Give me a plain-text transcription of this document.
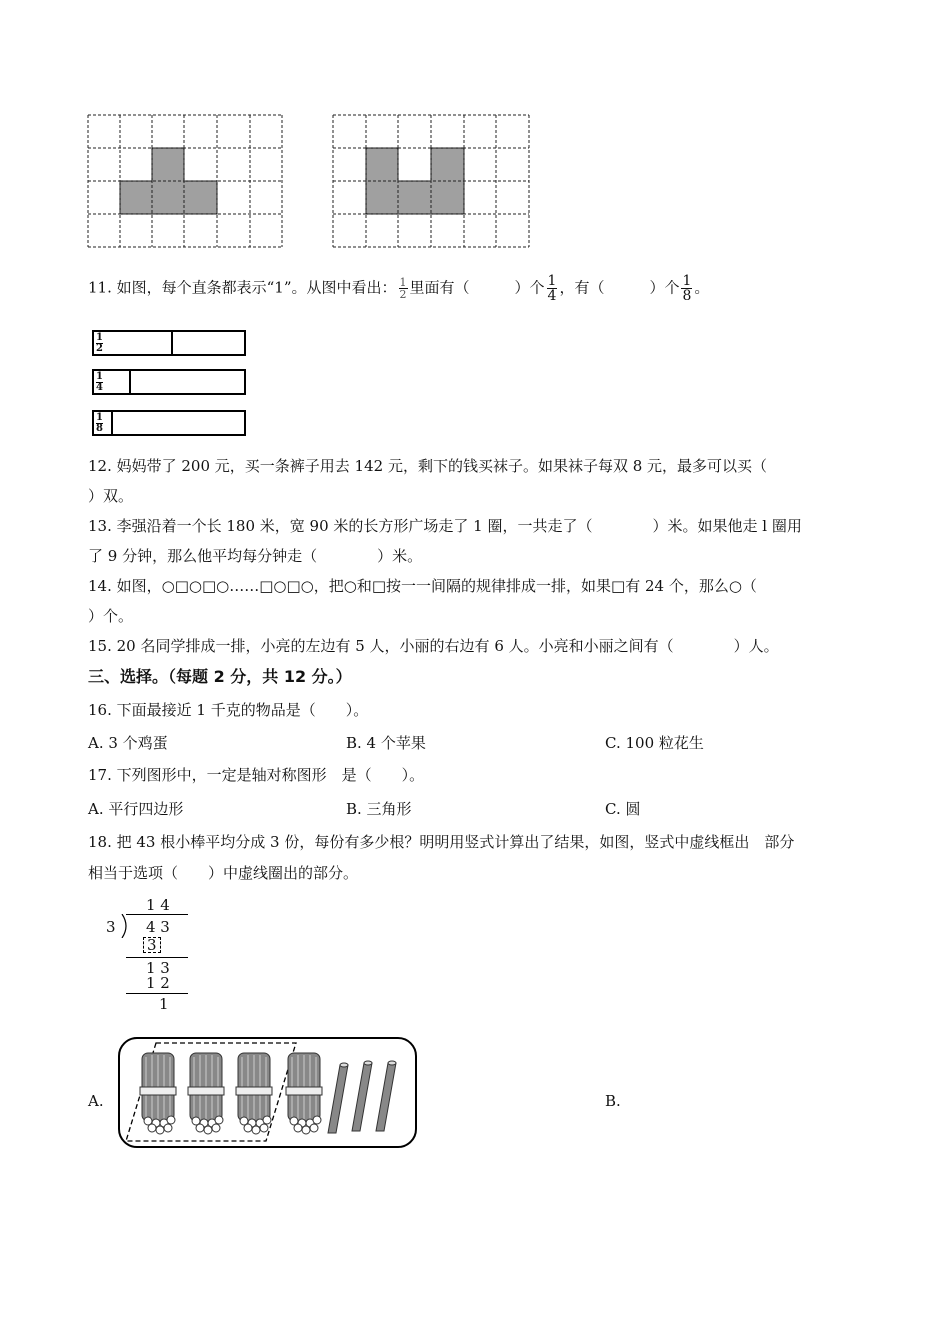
11. 如图，每个直条都表示“1”。从图中看出： $\frac{1}{2}$ 里面有（　　　）个 $\frac{1}{4}$ ，有（　　　）个 $\frac{1}{8}$ 。
1
2
1
4
1
8
12. 妈妈带了 200 元，买一条裤子用去 142 元，剩下的钱买袜子。如果袜子每双 8 元，最多可以买（
）双。
13. 李强沿着一个长 180 米，宽 90 米的长方形广场走了 1 圈，一共走了（　　　　）米。如果他走 l 圈用
了 9 分钟，那么他平均每分钟走（　　　　）米。
14. 如图，○□○□○……□○□○，把○和□按一一间隔的规律排成一排，如果□有 24 个，那么○（
）个。
15. 20 名同学排成一排，小亮的左边有 5 人，小丽的右边有 6 人。小亮和小丽之间有（　　　　）人。
三、选择。（每题 2 分，共 12 分。）
16. 下面最接近 1 千克的物品是（　　）。
A. 3 个鸡蛋	B. 4 个苹果	C. 100 粒花生
17. 下列图形中，一定是轴对称图形　是（　　）。
A. 平行四边形	B. 三角形	C. 圆
18. 把 43 根小棒平均分成 3 份，每份有多少根？明明用竖式计算出了结果，如图，竖式中虚线框出　部分
相当于选项（　　）中虚线圈出的部分。
1 4
3 4 3
3
1 3
1 2
1
A.	B.
